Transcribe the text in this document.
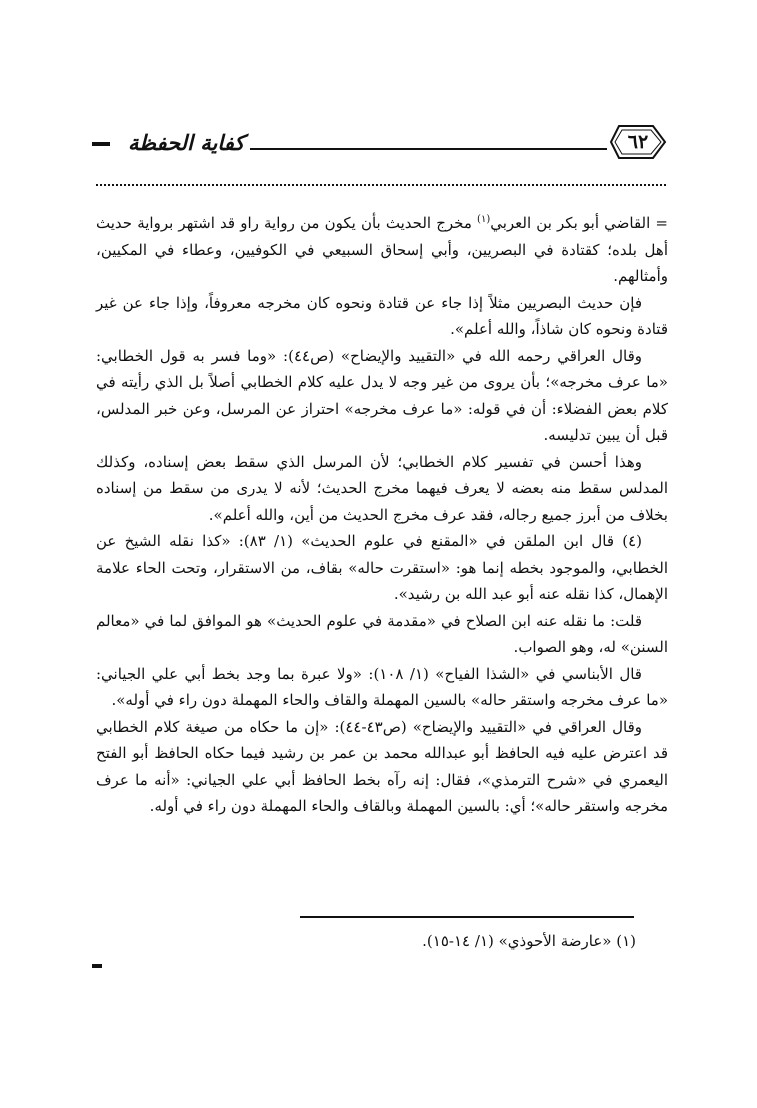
كفاية الحفظة	٦٢

= القاضي أبو بكر بن العربي$^{(١)}$ مخرج الحديث بأن يكون من رواية راو قد اشتهر برواية حديث أهل بلده؛ كقتادة في البصريين، وأبي إسحاق السبيعي في الكوفيين، وعطاء في المكيين، وأمثالهم.

فإن حديث البصريين مثلاً إذا جاء عن قتادة ونحوه كان مخرجه معروفاً، وإذا جاء عن غير قتادة ونحوه كان شاذاً، والله أعلم».

وقال العراقي رحمه الله في «التقييد والإيضاح» (ص٤٤): «وما فسر به قول الخطابي: «ما عرف مخرجه»؛ بأن يروى من غير وجه لا يدل عليه كلام الخطابي أصلاً بل الذي رأيته في كلام بعض الفضلاء: أن في قوله: «ما عرف مخرجه» احتراز عن المرسل، وعن خبر المدلس، قبل أن يبين تدليسه.

وهذا أحسن في تفسير كلام الخطابي؛ لأن المرسل الذي سقط بعض إسناده، وكذلك المدلس سقط منه بعضه لا يعرف فيهما مخرج الحديث؛ لأنه لا يدرى من سقط من إسناده بخلاف من أبرز جميع رجاله، فقد عرف مخرج الحديث من أين، والله أعلم».

(٤) قال ابن الملقن في «المقنع في علوم الحديث» (١/ ٨٣): «كذا نقله الشيخ عن الخطابي، والموجود بخطه إنما هو: «استقرت حاله» بقاف، من الاستقرار، وتحت الحاء علامة الإهمال، كذا نقله عنه أبو عبد الله بن رشيد».

قلت: ما نقله عنه ابن الصلاح في «مقدمة في علوم الحديث» هو الموافق لما في «معالم السنن» له، وهو الصواب.

قال الأبناسي في «الشذا الفياح» (١/ ١٠٨): «ولا عبرة بما وجد بخط أبي علي الجياني: «ما عرف مخرجه واستقر حاله» بالسين المهملة والقاف والحاء المهملة دون راء في أوله».

وقال العراقي في «التقييد والإيضاح» (ص٤٣-٤٤): «إن ما حكاه من صيغة كلام الخطابي قد اعترض عليه فيه الحافظ أبو عبدالله محمد بن عمر بن رشيد فيما حكاه الحافظ أبو الفتح اليعمري في «شرح الترمذي»، فقال: إنه رآه بخط الحافظ أبي علي الجياني: «أنه ما عرف مخرجه واستقر حاله»؛ أي: بالسين المهملة وبالقاف والحاء المهملة دون راء في أوله.

(١) «عارضة الأحوذي» (١/ ١٤-١٥).
